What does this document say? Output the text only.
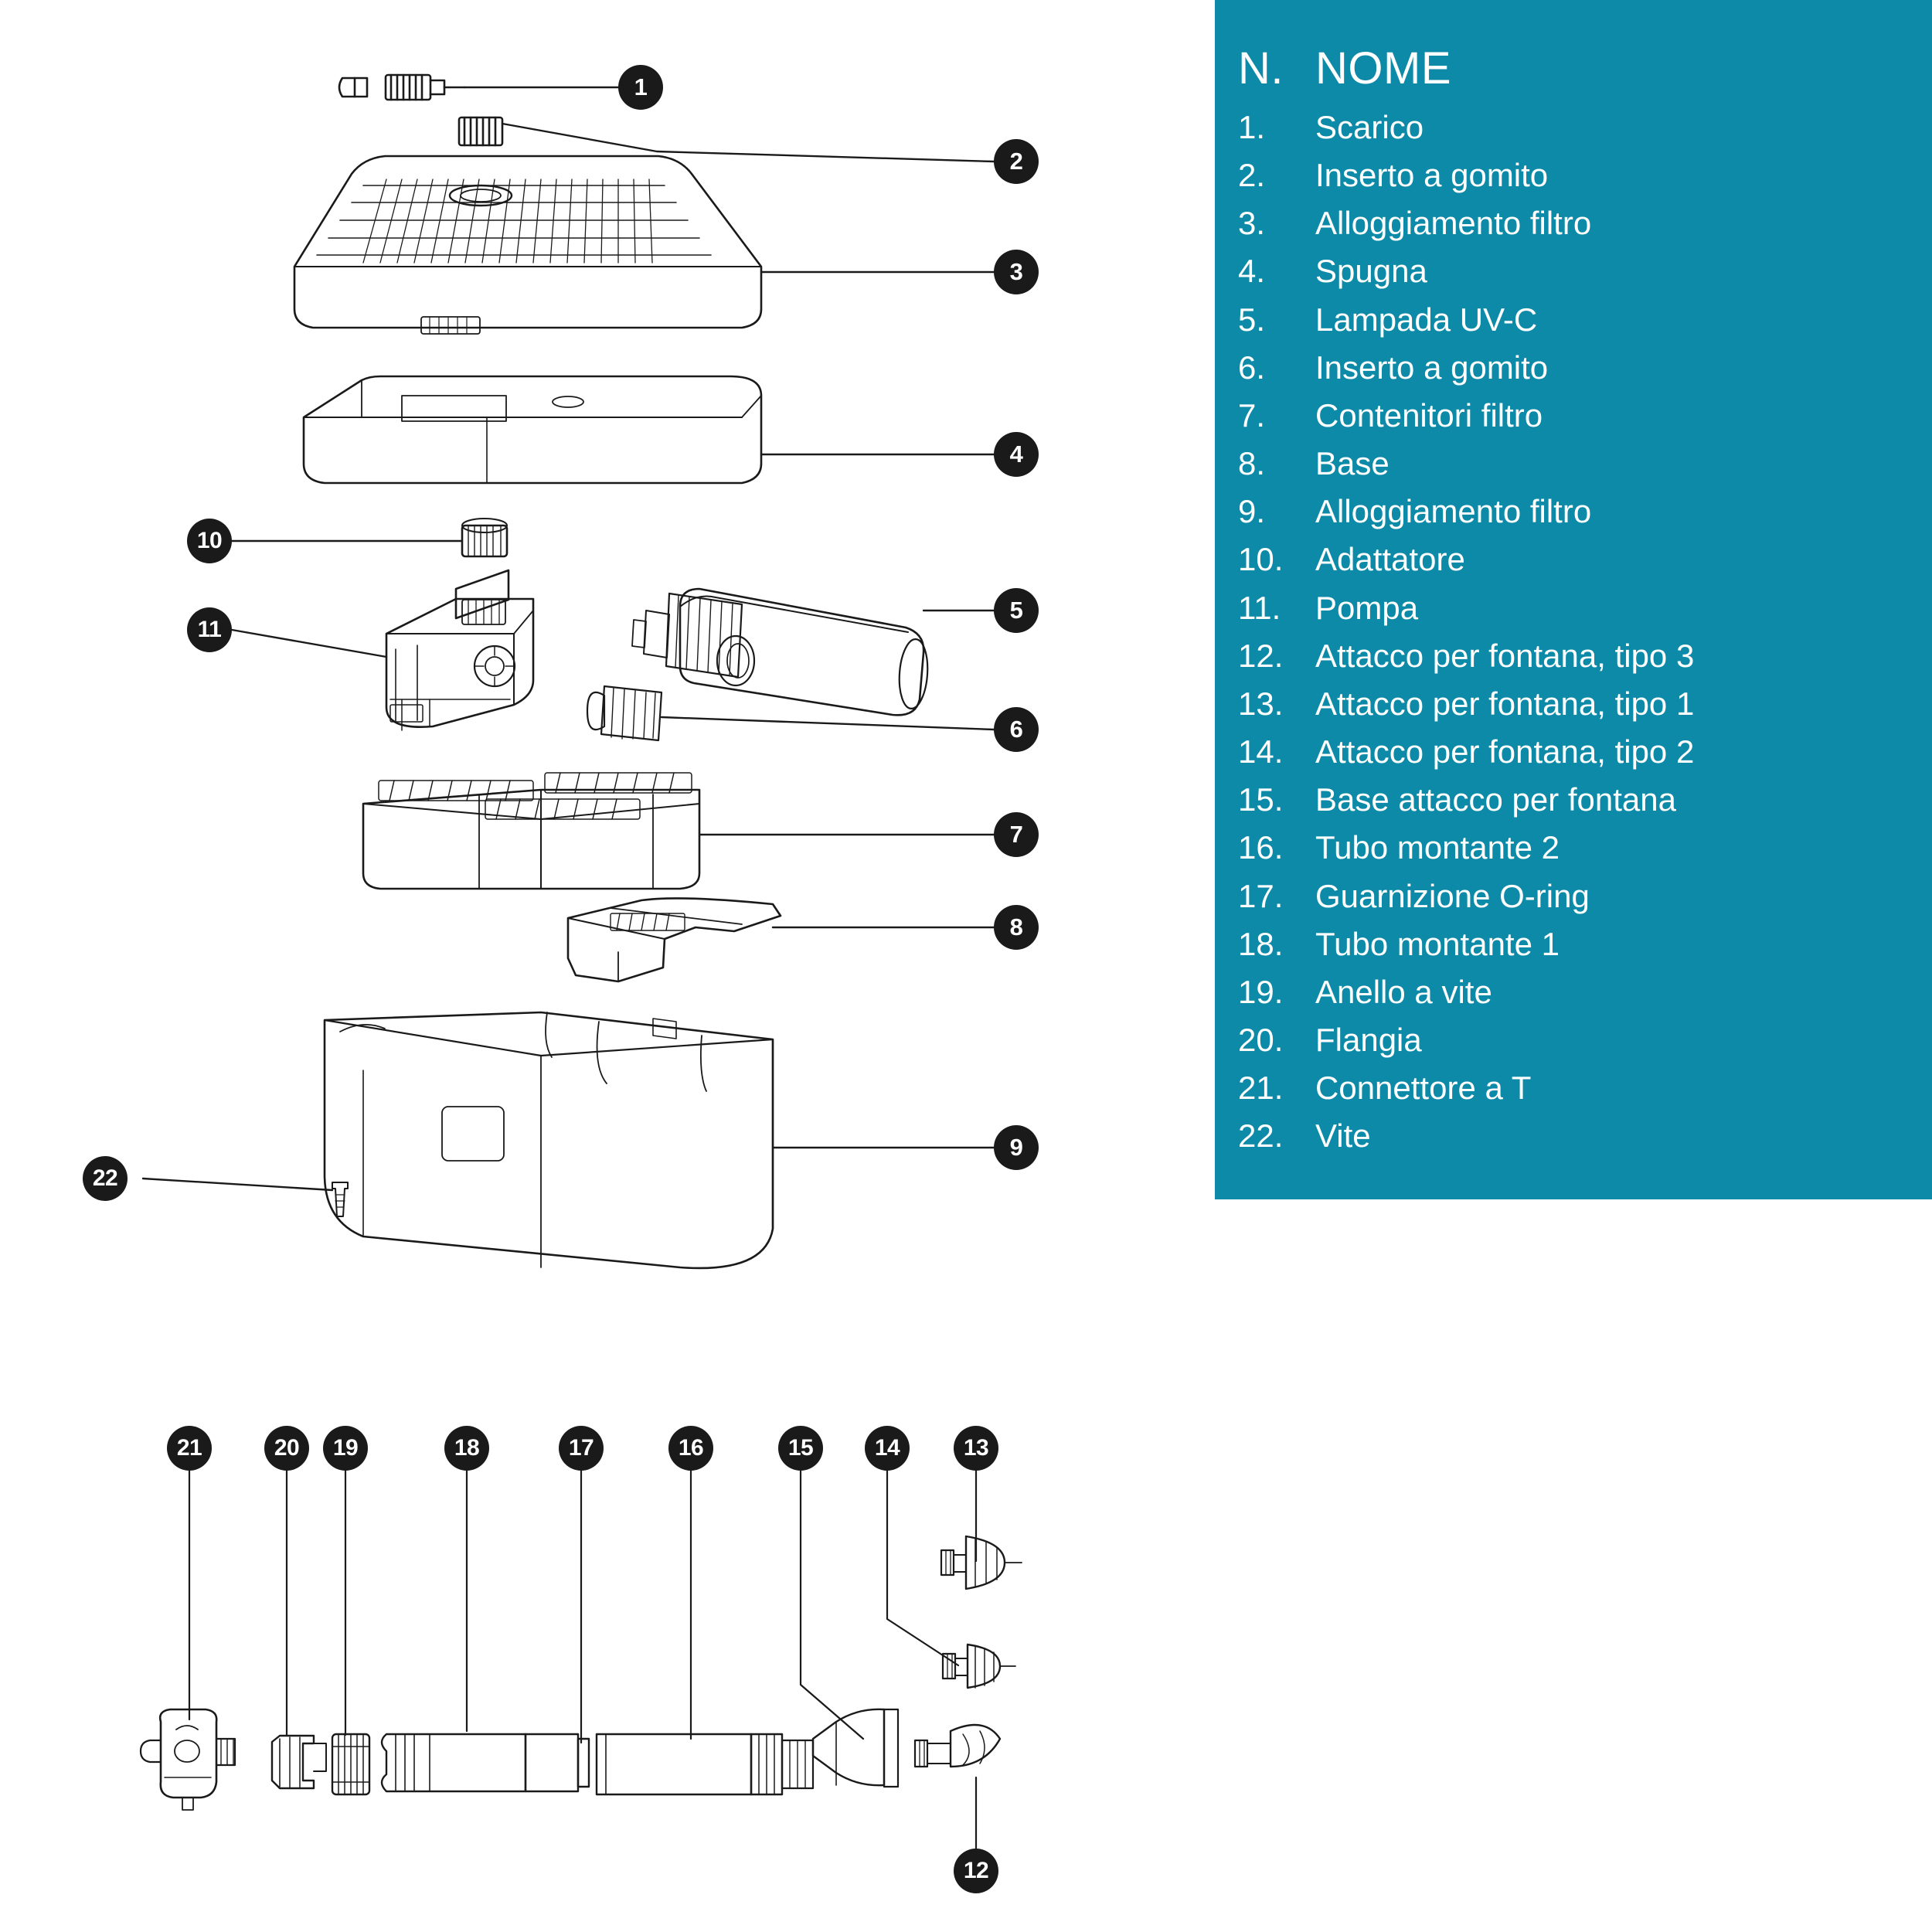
1
2
3
4
5
6
7
8
9
10
11
22
21	20 19	18	17	16	15	14	13
12
N. NOME
1.	Scarico
2.	Inserto a gomito
3.	Alloggiamento filtro
4.	Spugna
5.	Lampada UV-C
6.	Inserto a gomito
7.	Contenitori filtro
8.	Base
9.	Alloggiamento filtro
10. Adattatore
11.	Pompa
12. Attacco per fontana, tipo 3
13. Attacco per fontana, tipo 1
14. Attacco per fontana, tipo 2
15. Base attacco per fontana
16. Tubo montante 2
17. Guarnizione O-ring
18. Tubo montante 1
19. Anello a vite
20. Flangia
21. Connettore a T
22. Vite
